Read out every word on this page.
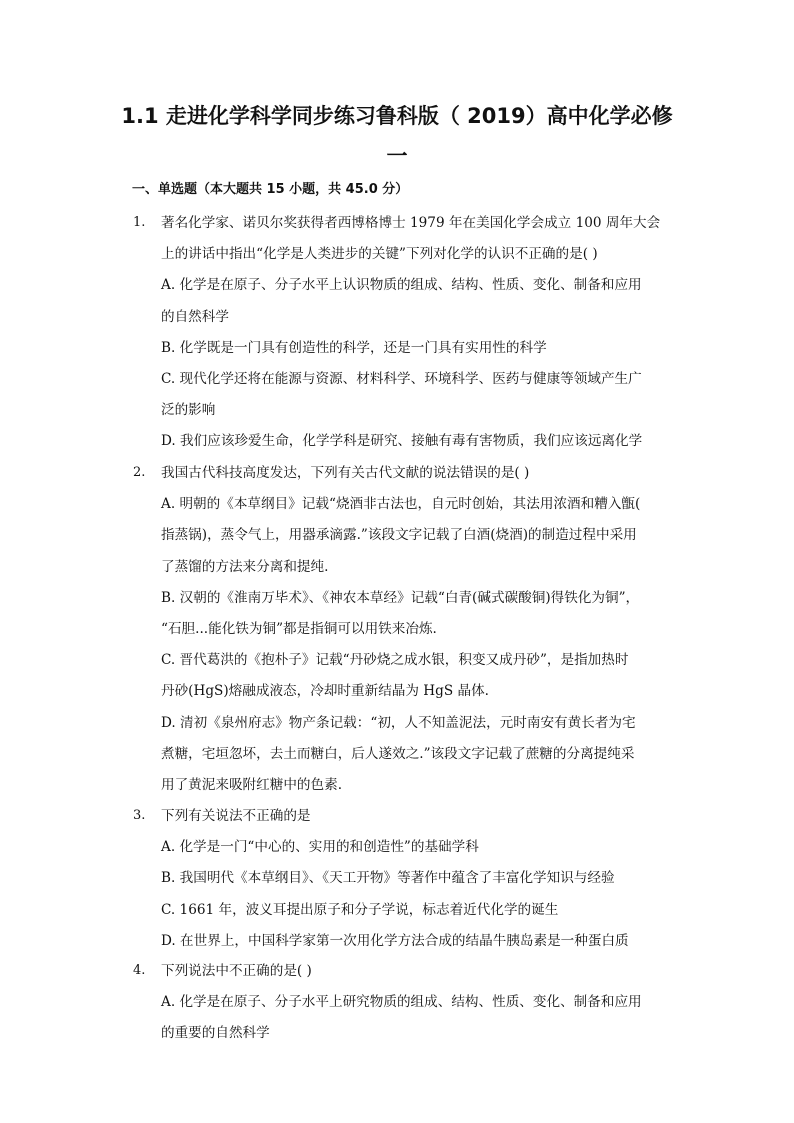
1.1 走进化学科学同步练习鲁科版（ 2019）高中化学必修
一
一、单选题（本大题共 15 小题，共 45.0 分）
1. 著名化学家、诺贝尔奖获得者西博格博士 1979 年在美国化学会成立 100 周年大会
上的讲话中指出“化学是人类进步的关键”下列对化学的认识不正确的是( )
A. 化学是在原子、分子水平上认识物质的组成、结构、性质、变化、制备和应用
的自然科学
B. 化学既是一门具有创造性的科学，还是一门具有实用性的科学
C. 现代化学还将在能源与资源、材料科学、环境科学、医药与健康等领域产生广
泛的影响
D. 我们应该珍爱生命，化学学科是研究、接触有毒有害物质，我们应该远离化学
2. 我国古代科技高度发达，下列有关古代文献的说法错误的是( )
A. 明朝的《本草纲目》记载“烧酒非古法也，自元时创始，其法用浓酒和糟入甑(
指蒸锅)，蒸令气上，用器承滴露.”该段文字记载了白酒(烧酒)的制造过程中采用
了蒸馏的方法来分离和提纯.
B. 汉朝的《淮南万毕术》、《神农本草经》记载“白青(碱式碳酸铜)得铁化为铜”，
“石胆...能化铁为铜”都是指铜可以用铁来冶炼.
C. 晋代葛洪的《抱朴子》记载“丹砂烧之成水银，积变又成丹砂”，是指加热时
丹砂(HgS)熔融成液态，冷却时重新结晶为 HgS 晶体.
D. 清初《泉州府志》物产条记载：“初，人不知盖泥法，元时南安有黄长者为宅
煮糖，宅垣忽坏，去土而糖白，后人遂效之.”该段文字记载了蔗糖的分离提纯采
用了黄泥来吸附红糖中的色素.
3. 下列有关说法不正确的是
A. 化学是一门“中心的、实用的和创造性”的基础学科
B. 我国明代《本草纲目》、《天工开物》等著作中蕴含了丰富化学知识与经验
C. 1661 年，波义耳提出原子和分子学说，标志着近代化学的诞生
D. 在世界上，中国科学家第一次用化学方法合成的结晶牛胰岛素是一种蛋白质
4. 下列说法中不正确的是( )
A. 化学是在原子、分子水平上研究物质的组成、结构、性质、变化、制备和应用
的重要的自然科学
